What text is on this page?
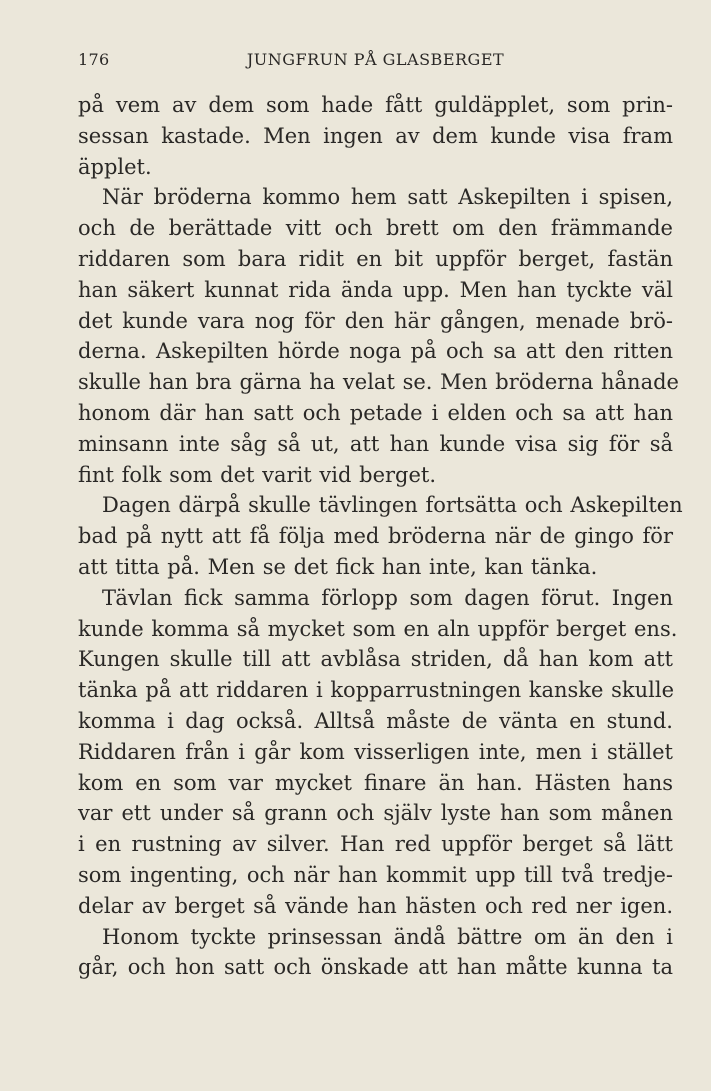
176	JUNGFRUN PÅ GLASBERGET
på vem av dem som hade fått guldäpplet, som prin-
sessan kastade. Men ingen av dem kunde visa fram
äpplet.
När bröderna kommo hem satt Askepilten i spisen,
och de berättade vitt och brett om den främmande
riddaren som bara ridit en bit uppför berget, fastän
han säkert kunnat rida ända upp. Men han tyckte väl
det kunde vara nog för den här gången, menade brö-
derna. Askepilten hörde noga på och sa att den ritten
skulle han bra gärna ha velat se. Men bröderna hånade
honom där han satt och petade i elden och sa att han
minsann inte såg så ut, att han kunde visa sig för så
fint folk som det varit vid berget.
Dagen därpå skulle tävlingen fortsätta och Askepilten
bad på nytt att få följa med bröderna när de gingo för
att titta på. Men se det fick han inte, kan tänka.
Tävlan fick samma förlopp som dagen förut. Ingen
kunde komma så mycket som en aln uppför berget ens.
Kungen skulle till att avblåsa striden, då han kom att
tänka på att riddaren i kopparrustningen kanske skulle
komma i dag också. Alltså måste de vänta en stund.
Riddaren från i går kom visserligen inte, men i stället
kom en som var mycket finare än han. Hästen hans
var ett under så grann och själv lyste han som månen
i en rustning av silver. Han red uppför berget så lätt
som ingenting, och när han kommit upp till två tredje-
delar av berget så vände han hästen och red ner igen.
Honom tyckte prinsessan ändå bättre om än den i
går, och hon satt och önskade att han måtte kunna ta
